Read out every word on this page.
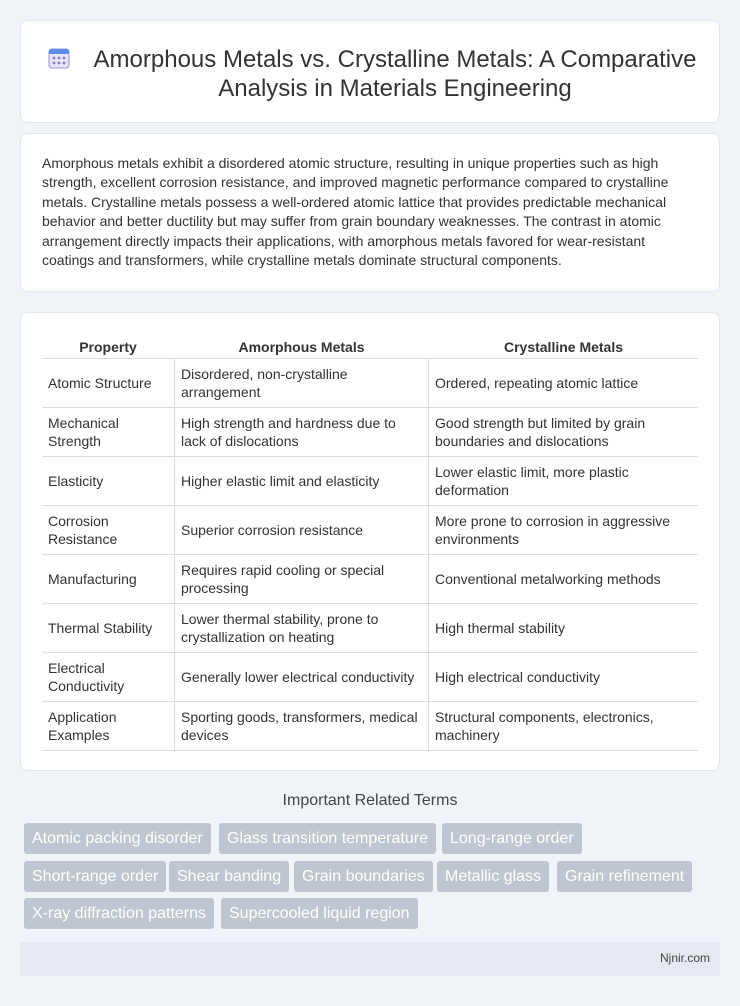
Amorphous Metals vs. Crystalline Metals: A Comparative Analysis in Materials Engineering

Amorphous metals exhibit a disordered atomic structure, resulting in unique properties such as high strength, excellent corrosion resistance, and improved magnetic performance compared to crystalline metals. Crystalline metals possess a well-ordered atomic lattice that provides predictable mechanical behavior and better ductility but may suffer from grain boundary weaknesses. The contrast in atomic arrangement directly impacts their applications, with amorphous metals favored for wear-resistant coatings and transformers, while crystalline metals dominate structural components.

Property	Amorphous Metals	Crystalline Metals
Atomic Structure	Disordered, non-crystalline arrangement	Ordered, repeating atomic lattice
Mechanical Strength	High strength and hardness due to lack of dislocations	Good strength but limited by grain boundaries and dislocations
Elasticity	Higher elastic limit and elasticity	Lower elastic limit, more plastic deformation
Corrosion Resistance	Superior corrosion resistance	More prone to corrosion in aggressive environments
Manufacturing	Requires rapid cooling or special processing	Conventional metalworking methods
Thermal Stability	Lower thermal stability, prone to crystallization on heating	High thermal stability
Electrical Conductivity	Generally lower electrical conductivity	High electrical conductivity
Application Examples	Sporting goods, transformers, medical devices	Structural components, electronics, machinery
Important Related Terms
Atomic packing disorder	Glass transition temperature	Long-range order
Short-range order	Shear banding	Grain boundaries	Metallic glass	Grain refinement
X-ray diffraction patterns	Supercooled liquid region
Njnir.com
